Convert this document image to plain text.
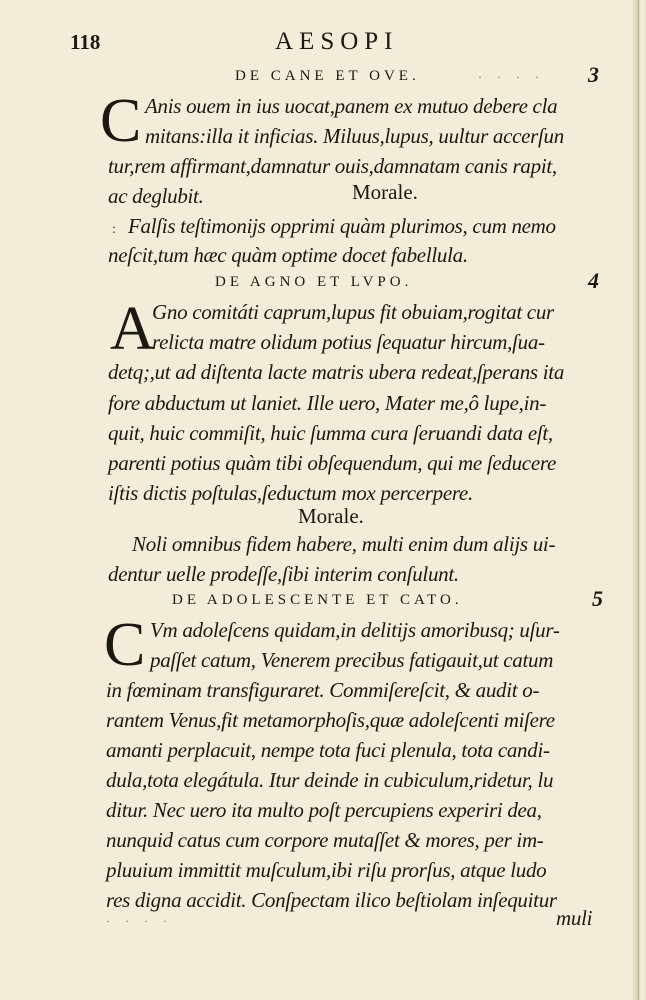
118	AESOPI
DE CANE ET OVE.	· · · · 3
C Anis ouem in ius uocat,panem ex mutuo debere cla
mitans:illa it inficias. Miluus,lupus, uultur accerſun
tur,rem affirmant,damnatur ouis,damnatam canis rapit,
ac deglubit.	Morale.
: Falſis teſtimonijs opprimi quàm plurimos, cum nemo
neſcit,tum hæc quàm optime docet fabellula.
DE AGNO ET LVPO.	4
A
Gno comitáti caprum,lupus fit obuiam,rogitat cur
relicta matre olidum potius ſequatur hircum,ſua-
detq;,ut ad diſtenta lacte matris ubera redeat,ſperans ita
fore abductum ut laniet. Ille uero, Mater me,ô lupe,in-
quit, huic commiſit, huic ſumma cura ſeruandi data eſt,
parenti potius quàm tibi obſequendum, qui me ſeducere
iſtis dictis poſtulas,ſeductum mox percerpere.
Morale.
Noli omnibus fidem habere, multi enim dum alijs ui-
dentur uelle prodeſſe,ſibi interim conſulunt.
DE ADOLESCENTE ET CATO.	5
C Vm adoleſcens quidam,in delitijs amoribusq; uſur-
paſſet catum, Venerem precibus fatigauit,ut catum
in fœminam transfiguraret. Commiſereſcit, & audit o-
rantem Venus,fit metamorphoſis,quæ adoleſcenti miſere
amanti perplacuit, nempe tota fuci plenula, tota candi-
dula,tota elegátula. Itur deinde in cubiculum,ridetur, lu
ditur. Nec uero ita multo poſt percupiens experiri dea,
nunquid catus cum corpore mutaſſet & mores, per im-
pluuium immittit muſculum,ibi riſu prorſus, atque ludo
res digna accidit. Conſpectam ilico beſtiolam inſequitur
· · · ·	muli
